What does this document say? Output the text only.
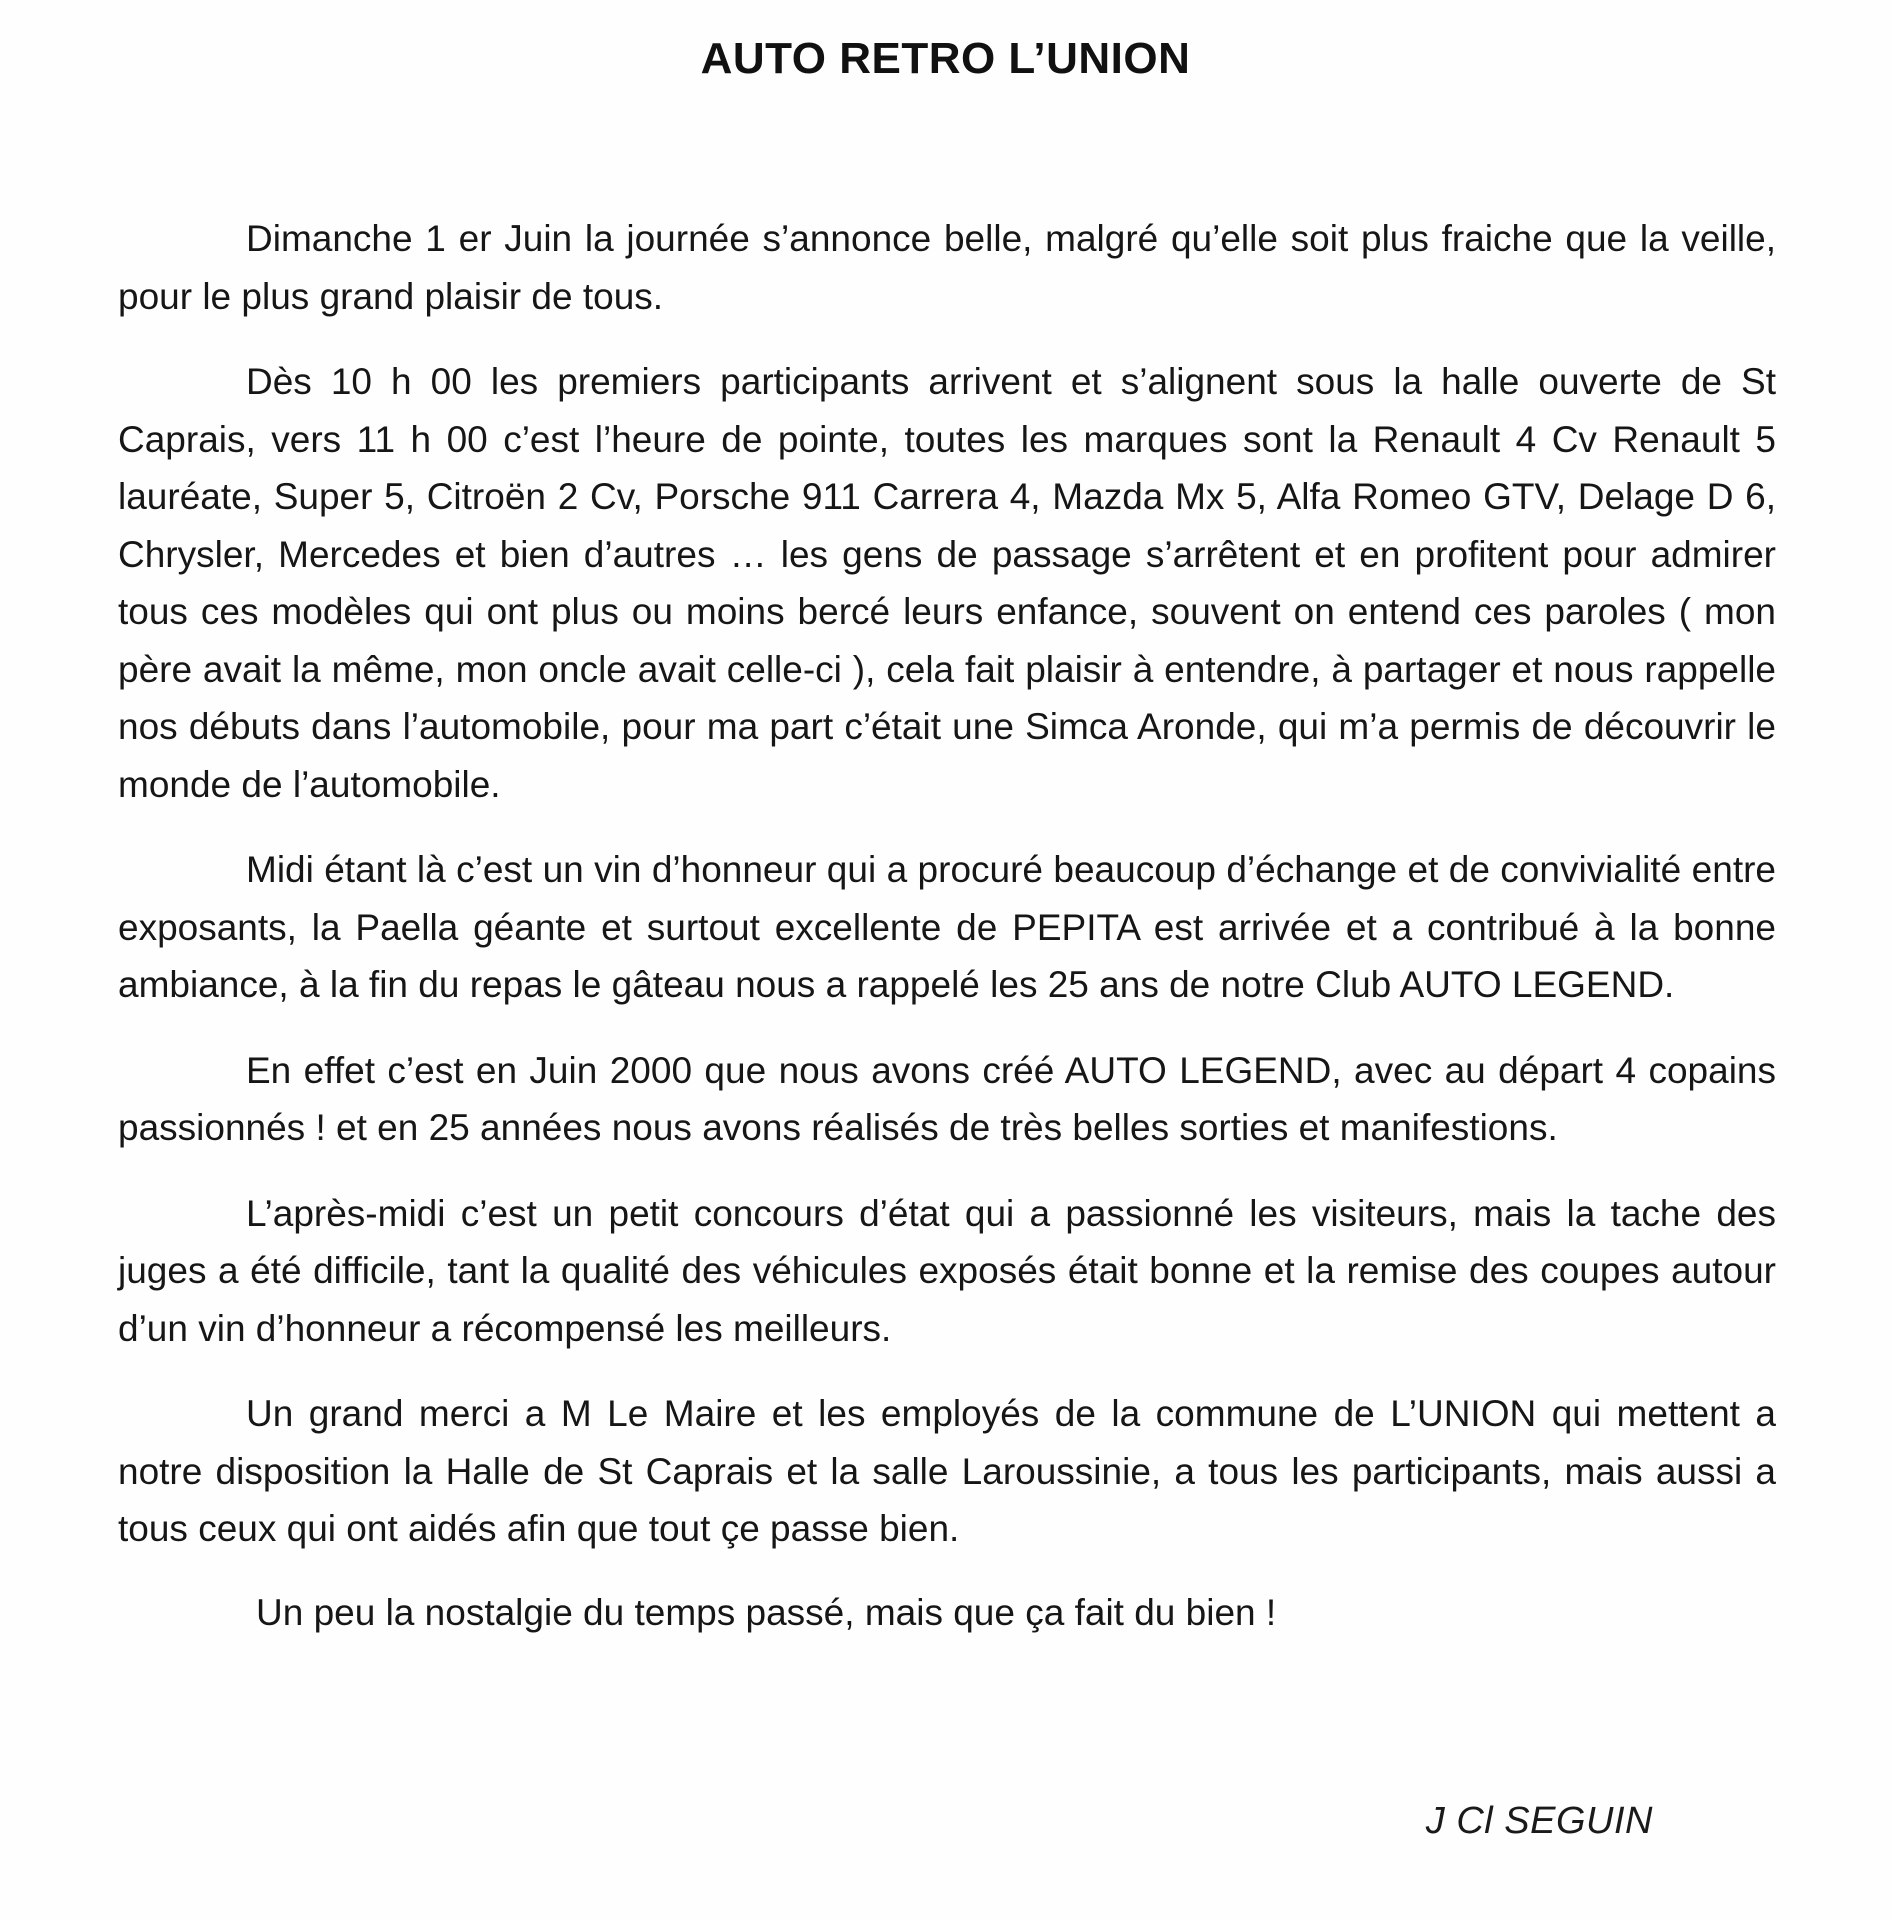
AUTO RETRO L’UNION

Dimanche 1 er Juin la journée s’annonce belle, malgré qu’elle soit plus fraiche que la veille, pour le plus grand plaisir de tous.

Dès 10 h 00 les premiers participants arrivent et s’alignent sous la halle ouverte de St Caprais, vers 11 h 00 c’est l’heure de pointe, toutes les marques sont la Renault 4 Cv Renault 5 lauréate, Super 5, Citroën 2 Cv, Porsche 911 Carrera 4, Mazda Mx 5, Alfa Romeo GTV, Delage D 6, Chrysler, Mercedes et bien d’autres … les gens de passage s’arrêtent et en profitent pour admirer tous ces modèles qui ont plus ou moins bercé leurs enfance, souvent on entend ces paroles ( mon père avait la même, mon oncle avait celle-ci ), cela fait plaisir à entendre, à partager et nous rappelle nos débuts dans l’automobile, pour ma part c’était une Simca Aronde, qui m’a permis de découvrir le monde de l’automobile.

Midi étant là c’est un vin d’honneur qui a procuré beaucoup d’échange et de convivialité entre exposants, la Paella géante et surtout excellente de PEPITA est arrivée et a contribué à la bonne ambiance, à la fin du repas le gâteau nous a rappelé les 25 ans de notre Club AUTO LEGEND.

En effet c’est en Juin 2000 que nous avons créé AUTO LEGEND, avec au départ 4 copains passionnés ! et en 25 années nous avons réalisés de très belles sorties et manifestions.

L’après-midi c’est un petit concours d’état qui a passionné les visiteurs, mais la tache des juges a été difficile, tant la qualité des véhicules exposés était bonne et la remise des coupes autour d’un vin d’honneur a récompensé les meilleurs.

Un grand merci a M Le Maire et les employés de la commune de L’UNION qui mettent a notre disposition la Halle de St Caprais et la salle Laroussinie, a tous les participants, mais aussi a tous ceux qui ont aidés afin que tout çe passe bien.

Un peu la nostalgie du temps passé, mais que ça fait du bien !

J Cl SEGUIN
